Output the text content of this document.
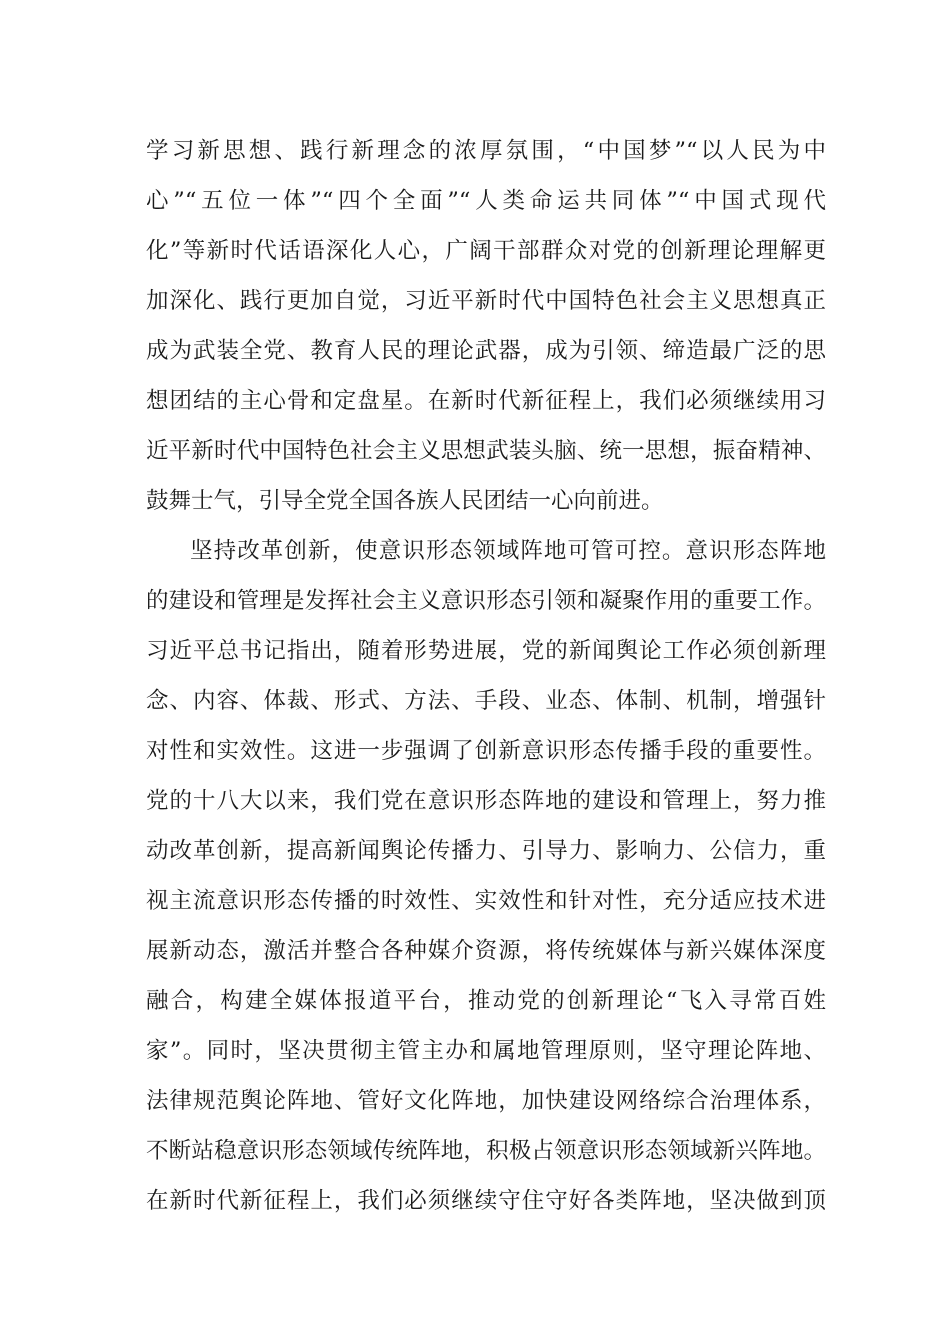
学习新思想、践行新理念的浓厚氛围，“中国梦”“以人民为中
心”“五位一体”“四个全面”“人类命运共同体”“中国式现代
化”等新时代话语深化人心，广阔干部群众对党的创新理论理解更
加深化、践行更加自觉，习近平新时代中国特色社会主义思想真正
成为武装全党、教育人民的理论武器，成为引领、缔造最广泛的思
想团结的主心骨和定盘星。在新时代新征程上，我们必须继续用习
近平新时代中国特色社会主义思想武装头脑、统一思想，振奋精神、
鼓舞士气，引导全党全国各族人民团结一心向前进。
坚持改革创新，使意识形态领域阵地可管可控。意识形态阵地
的建设和管理是发挥社会主义意识形态引领和凝聚作用的重要工作。
习近平总书记指出，随着形势进展，党的新闻舆论工作必须创新理
念、内容、体裁、形式、方法、手段、业态、体制、机制，增强针
对性和实效性。这进一步强调了创新意识形态传播手段的重要性。
党的十八大以来，我们党在意识形态阵地的建设和管理上，努力推
动改革创新，提高新闻舆论传播力、引导力、影响力、公信力，重
视主流意识形态传播的时效性、实效性和针对性，充分适应技术进
展新动态，激活并整合各种媒介资源，将传统媒体与新兴媒体深度
融合，构建全媒体报道平台，推动党的创新理论“飞入寻常百姓
家”。同时，坚决贯彻主管主办和属地管理原则，坚守理论阵地、
法律规范舆论阵地、管好文化阵地，加快建设网络综合治理体系，
不断站稳意识形态领域传统阵地，积极占领意识形态领域新兴阵地。
在新时代新征程上，我们必须继续守住守好各类阵地，坚决做到顶
